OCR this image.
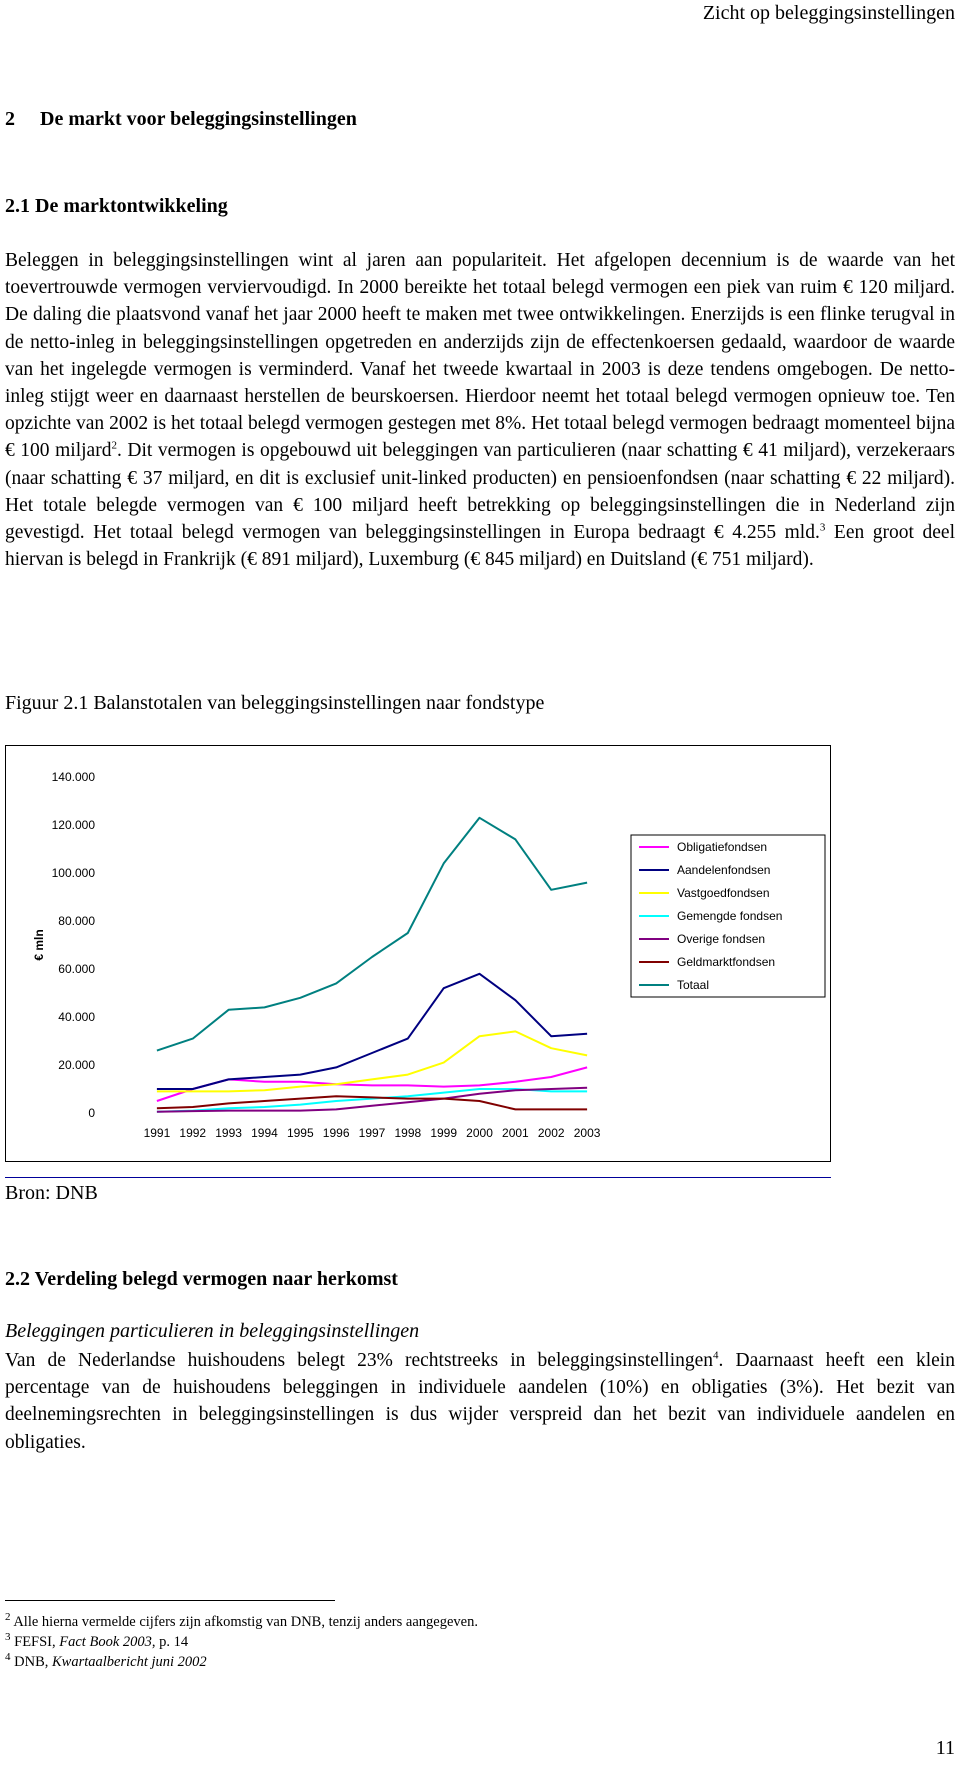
Zicht op beleggingsinstellingen
2     De markt voor beleggingsinstellingen
2.1 De marktontwikkeling

Beleggen in beleggingsinstellingen wint al jaren aan populariteit. Het afgelopen decennium is de waarde van het toevertrouwde vermogen verviervoudigd. In 2000 bereikte het totaal belegd vermogen een piek van ruim € 120 miljard. De daling die plaatsvond vanaf het jaar 2000 heeft te maken met twee ontwikkelingen. Enerzijds is een flinke terugval in de netto-inleg in beleggingsinstellingen opgetreden en anderzijds zijn de effectenkoersen gedaald, waardoor de waarde van het ingelegde vermogen is verminderd. Vanaf het tweede kwartaal in 2003 is deze tendens omgebogen. De netto-inleg stijgt weer en daarnaast herstellen de beurskoersen. Hierdoor neemt het totaal belegd vermogen opnieuw toe. Ten opzichte van 2002 is het totaal belegd vermogen gestegen met 8%. Het totaal belegd vermogen bedraagt momenteel bijna € 100 miljard$^2$. Dit vermogen is opgebouwd uit beleggingen van particulieren (naar schatting € 41 miljard), verzekeraars (naar schatting € 37 miljard, en dit is exclusief unit-linked producten) en pensioenfondsen (naar schatting € 22 miljard). Het totale belegde vermogen van € 100 miljard heeft betrekking op beleggingsinstellingen die in Nederland zijn gevestigd. Het totaal belegd vermogen van beleggingsinstellingen in Europa bedraagt € 4.255 mld.$^3$ Een groot deel hiervan is belegd in Frankrijk (€ 891 miljard), Luxemburg (€ 845 miljard) en Duitsland (€ 751 miljard).

Figuur 2.1 Balanstotalen van beleggingsinstellingen naar fondstype
0
20.000
40.000
60.000
80.000
100.000
120.000
140.000
€ mln
1991 1992 1993 1994 1995 1996 1997 1998 1999 2000 2001 2002 2003
Obligatiefondsen
Aandelenfondsen
Vastgoedfondsen
Gemengde fondsen
Overige fondsen
Geldmarktfondsen
Totaal
Bron: DNB
2.2 Verdeling belegd vermogen naar herkomst
Beleggingen particulieren in beleggingsinstellingen

Van de Nederlandse huishoudens belegt 23% rechtstreeks in beleggingsinstellingen$^4$. Daarnaast heeft een klein percentage van de huishoudens beleggingen in individuele aandelen (10%) en obligaties (3%). Het bezit van deelnemingsrechten in beleggingsinstellingen is dus wijder verspreid dan het bezit van individuele aandelen en obligaties.

$^2$ Alle hierna vermelde cijfers zijn afkomstig van DNB, tenzij anders aangegeven.
$^3$ FEFSI, Fact Book 2003, p. 14
$^4$ DNB, Kwartaalbericht juni 2002
11
